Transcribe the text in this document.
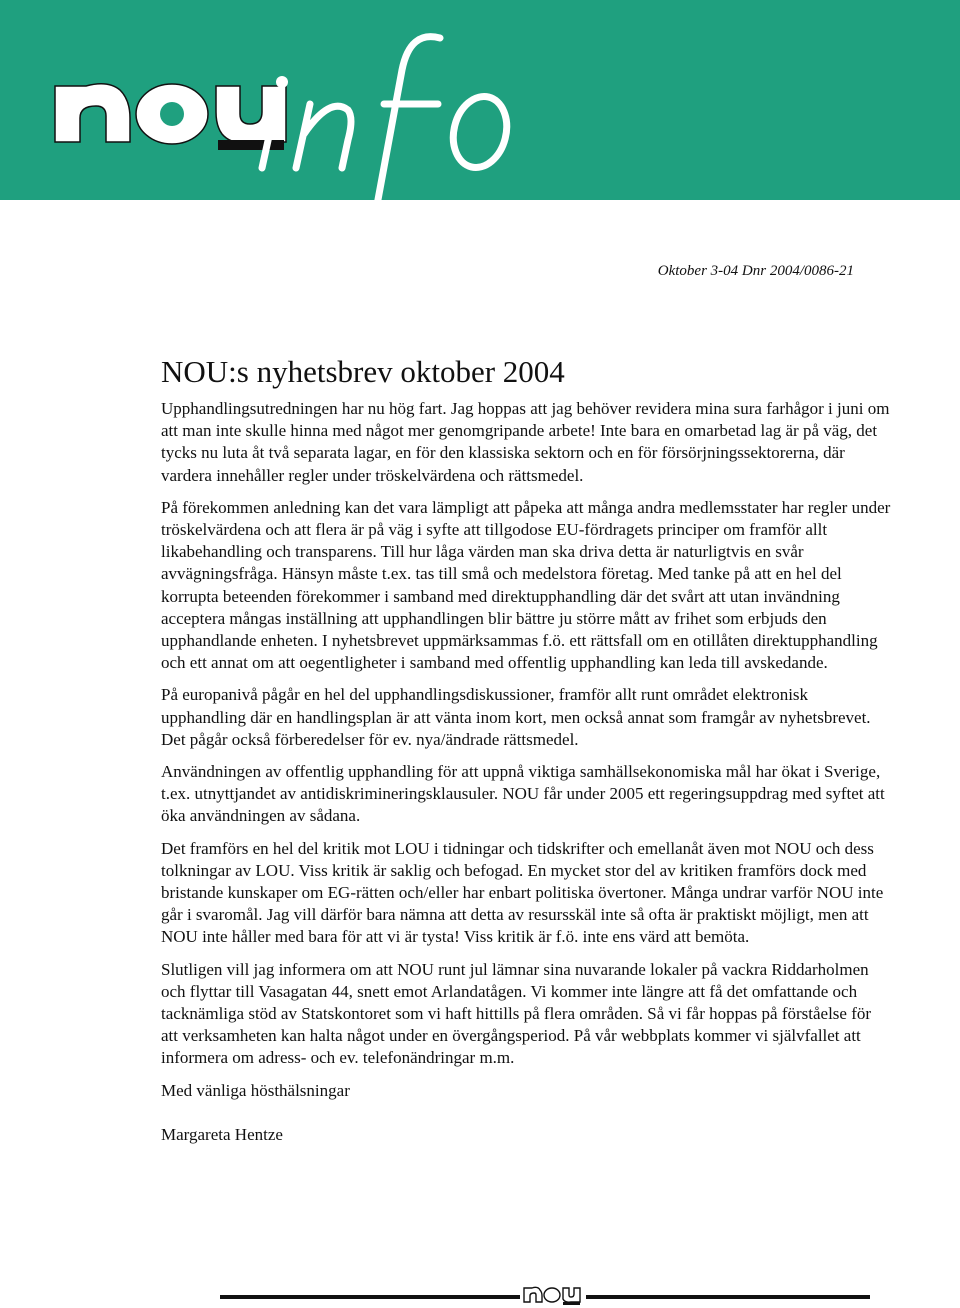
Oktober 3-04 Dnr 2004/0086-21
NOU:s nyhetsbrev oktober 2004

Upphandlingsutredningen har nu hög fart. Jag hoppas att jag behöver revidera mina sura farhågor i juni om att man inte skulle hinna med något mer genomgripande arbete! Inte bara en omarbetad lag är på väg, det tycks nu luta åt två separata lagar, en för den klassiska sektorn och en för försörjningssektorerna, där vardera innehåller regler under tröskelvärdena och rättsmedel.

På förekommen anledning kan det vara lämpligt att påpeka att många andra medlemsstater har regler under tröskelvärdena och att flera är på väg i syfte att tillgodose EU-fördragets principer om framför allt likabehandling och transparens. Till hur låga värden man ska driva detta är naturligtvis en svår avvägningsfråga. Hänsyn måste t.ex. tas till små och medelstora företag. Med tanke på att en hel del korrupta beteenden förekommer i samband med direktupphandling där det svårt att utan invändning acceptera mångas inställning att upphandlingen blir bättre ju större mått av frihet som erbjuds den upphandlande enheten. I nyhetsbrevet uppmärksammas f.ö. ett rättsfall om en otillåten direktupphandling och ett annat om att oegentligheter i samband med offentlig upphandling kan leda till avskedande.

På europanivå pågår en hel del upphandlingsdiskussioner, framför allt runt området elektronisk upphandling där en handlingsplan är att vänta inom kort, men också annat som framgår av nyhetsbrevet. Det pågår också förberedelser för ev. nya/ändrade rättsmedel.

Användningen av offentlig upphandling för att uppnå viktiga samhällsekonomiska mål har ökat i Sverige, t.ex. utnyttjandet av antidiskrimineringsklausuler. NOU får under 2005 ett regeringsuppdrag med syftet att öka användningen av sådana.

Det framförs en hel del kritik mot LOU i tidningar och tidskrifter och emellanåt även mot NOU och dess tolkningar av LOU. Viss kritik är saklig och befogad. En mycket stor del av kritiken framförs dock med bristande kunskaper om EG-rätten och/eller har enbart politiska övertoner. Många undrar varför NOU inte går i svaromål. Jag vill därför bara nämna att detta av resursskäl inte så ofta är praktiskt möjligt, men att NOU inte håller med bara för att vi är tysta! Viss kritik är f.ö. inte ens värd att bemöta.

Slutligen vill jag informera om att NOU runt jul lämnar sina nuvarande lokaler på vackra Riddarholmen och flyttar till Vasagatan 44, snett emot Arlandatågen. Vi kommer inte längre att få det omfattande och tacknämliga stöd av Statskontoret som vi haft hittills på flera områden. Så vi får hoppas på förståelse för att verksamheten kan halta något under en övergångsperiod. På vår webbplats kommer vi självfallet att informera om adress- och ev. telefonändringar m.m.

Med vänliga hösthälsningar

Margareta Hentze
